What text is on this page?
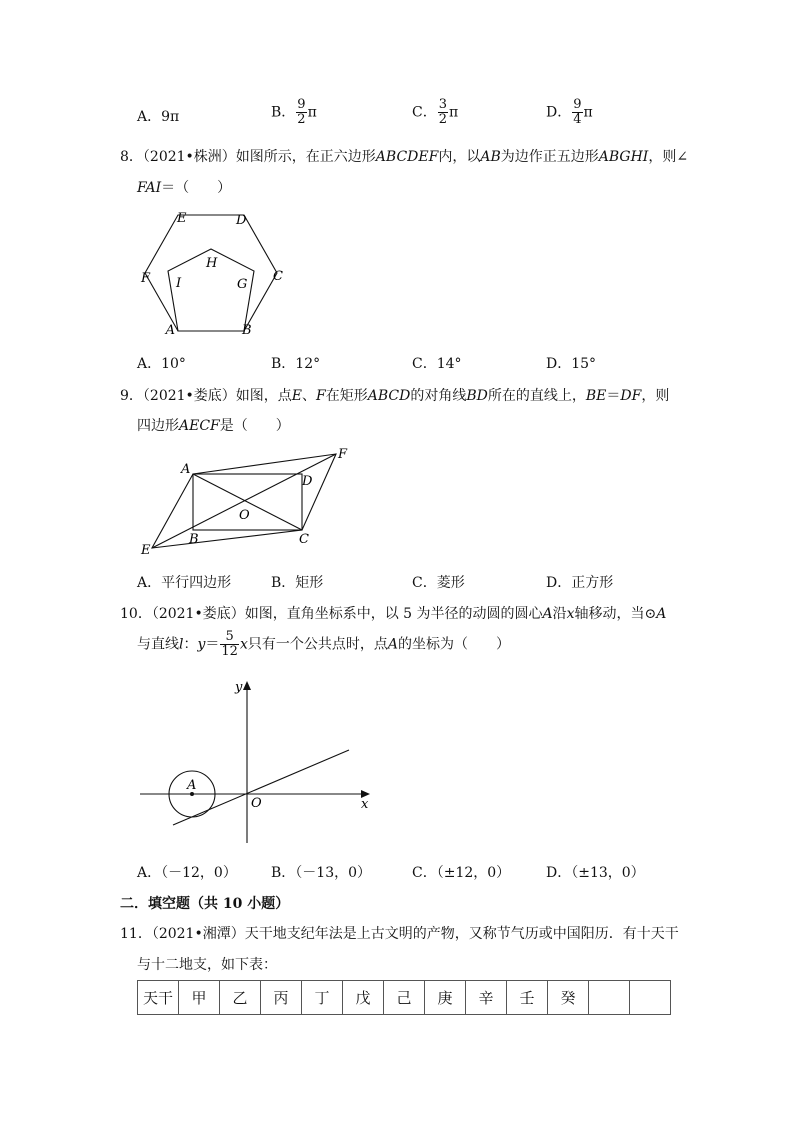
A．9π	B． $\frac{9}{2}$ π	C． $\frac{3}{2}$ π	D． $\frac{9}{4}$ π
8．（2021•株洲）如图所示，在正六边形ABCDEF内，以AB为边作正五边形ABGHI，则∠
FAI＝（　　）
A	B
C
D
E
F	G
H
I
A．10°	B．12°	C．14°	D．15°
9．（2021•娄底）如图，点E、F在矩形ABCD的对角线BD所在的直线上，BE＝DF，则
四边形AECF是（　　）
A
B	C
D
E
F
O
A．平行四边形	B．矩形	C．菱形	D．正方形
10．（2021•娄底）如图，直角坐标系中，以 5 为半径的动圆的圆心A沿x轴移动，当⊙A
与直线l：$y= \frac{5}{12}$ x只有一个公共点时，点A的坐标为（　　）
A
O	x
y
A．（－12，0） B．（－13，0）	C．（±12，0）	D．（±13，0）
二．填空题（共 10 小题）
11．（2021•湘潭）天干地支纪年法是上古文明的产物，又称节气历或中国阳历．有十天干
与十二地支，如下表：
天干	甲	乙	丙	丁	戊	己	庚	辛	壬	癸		
